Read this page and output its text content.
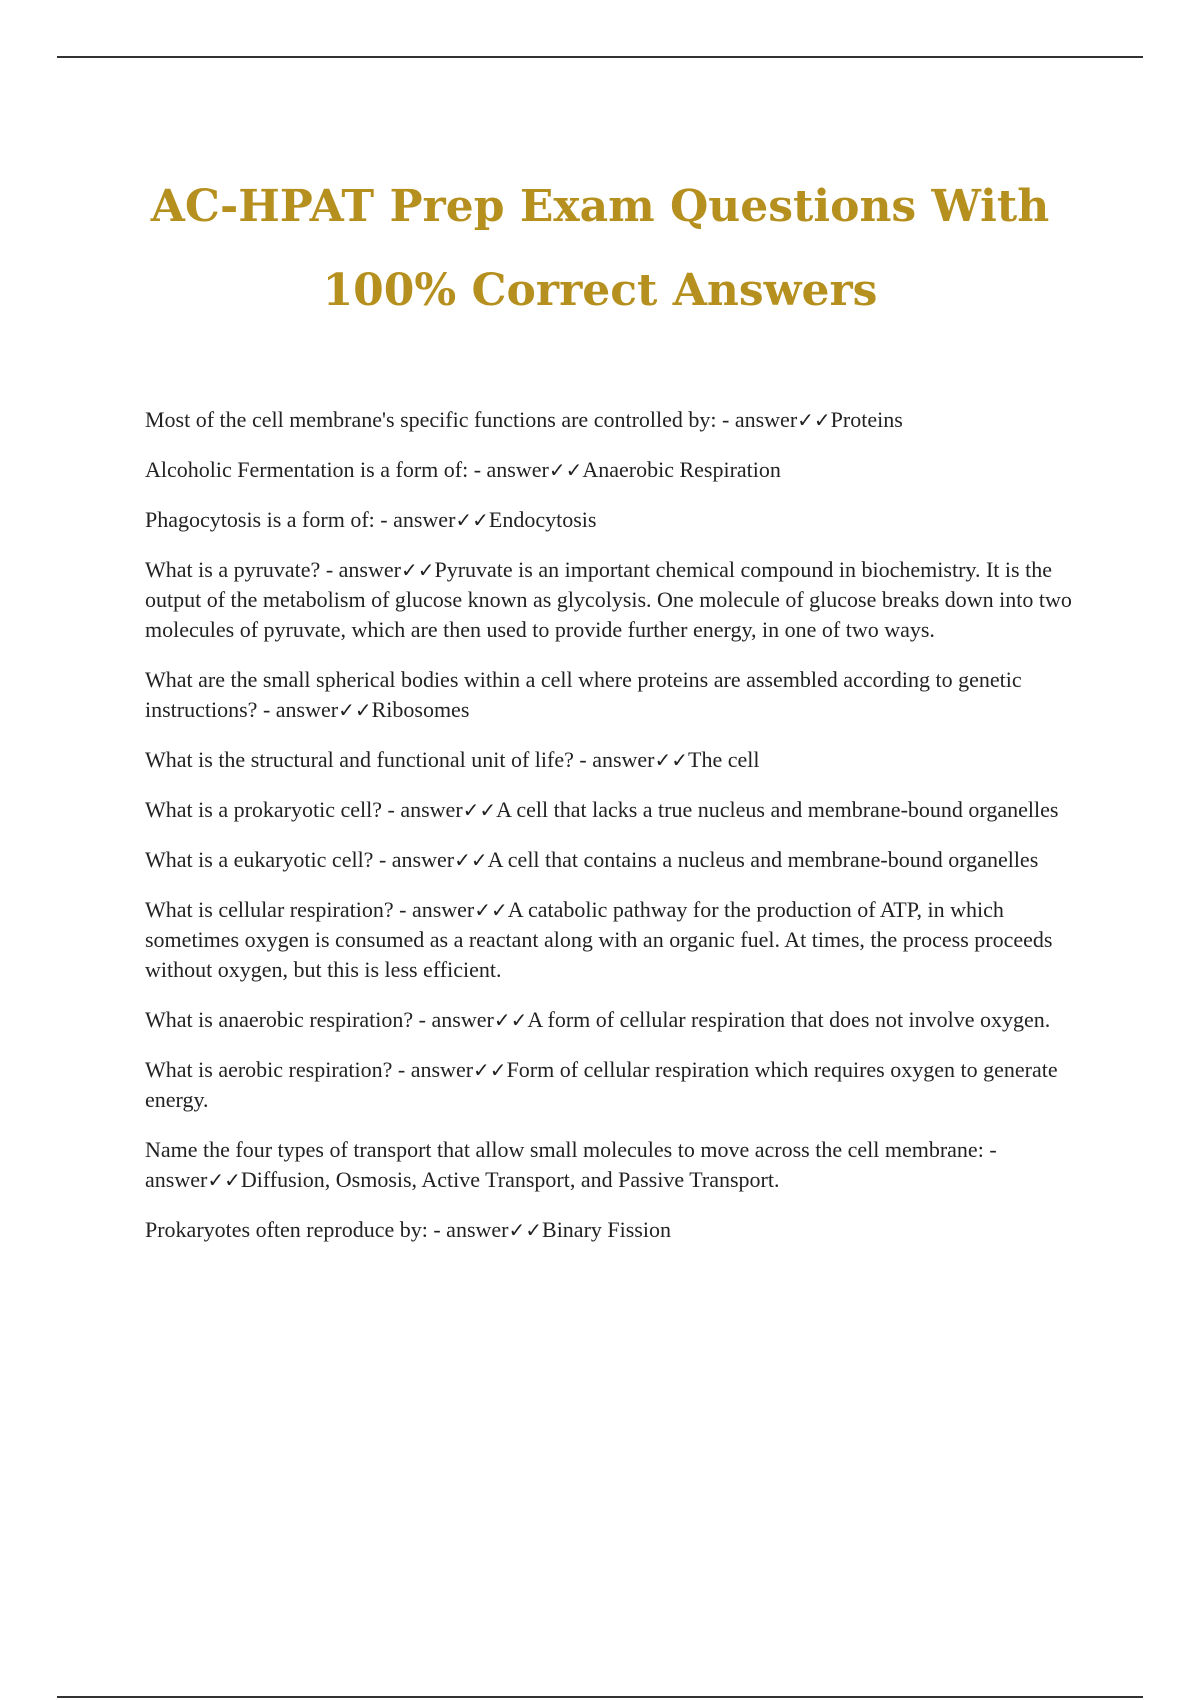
AC-HPAT Prep Exam Questions With
100% Correct Answers
Most of the cell membrane's specific functions are controlled by: - answer✓✓Proteins
Alcoholic Fermentation is a form of: - answer✓✓Anaerobic Respiration
Phagocytosis is a form of: - answer✓✓Endocytosis
What is a pyruvate? - answer✓✓Pyruvate is an important chemical compound in biochemistry. It is the output of the metabolism of glucose known as glycolysis. One molecule of glucose breaks down into two molecules of pyruvate, which are then used to provide further energy, in one of two ways.
What are the small spherical bodies within a cell where proteins are assembled according to genetic instructions? - answer✓✓Ribosomes
What is the structural and functional unit of life? - answer✓✓The cell
What is a prokaryotic cell? - answer✓✓A cell that lacks a true nucleus and membrane-bound organelles
What is a eukaryotic cell? - answer✓✓A cell that contains a nucleus and membrane-bound organelles
What is cellular respiration? - answer✓✓A catabolic pathway for the production of ATP, in which sometimes oxygen is consumed as a reactant along with an organic fuel. At times, the process proceeds without oxygen, but this is less efficient.
What is anaerobic respiration? - answer✓✓A form of cellular respiration that does not involve oxygen.
What is aerobic respiration? - answer✓✓Form of cellular respiration which requires oxygen to generate energy.
Name the four types of transport that allow small molecules to move across the cell membrane: - answer✓✓Diffusion, Osmosis, Active Transport, and Passive Transport.
Prokaryotes often reproduce by: - answer✓✓Binary Fission
